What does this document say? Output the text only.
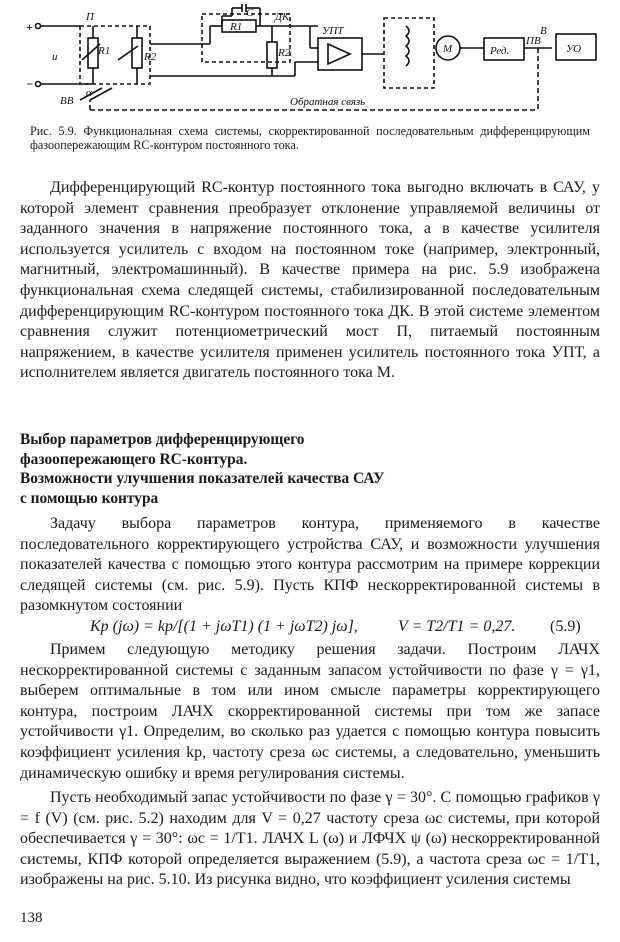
+
−
u
П	C ДК
R1
R1	R2	R2
УПТ
M	Ред.
ПВ
В
УО
ВВ
α
Обратная связь
Рис. 5.9. Функциональная схема системы, скорректированной последовательным дифференцирующим фазоопережающим RC-контуром постоянного тока.

Дифференцирующий RC-контур постоянного тока выгодно включать в САУ, у которой элемент сравнения преобразует отклонение управляемой величины от заданного значения в напряжение постоянного тока, а в качестве усилителя используется усилитель с входом на постоянном токе (например, электронный, магнитный, электромашинный). В качестве примера на рис. 5.9 изображена функциональная схема следящей системы, стабилизированной последовательным дифференцирующим RC-контуром постоянного тока ДК. В этой системе элементом сравнения служит потенциометрический мост П, питаемый постоянным напряжением, в качестве усилителя применен усилитель постоянного тока УПТ, а исполнителем является двигатель постоянного тока М.

Выбор параметров дифференцирующего
фазоопережающего RC-контура.
Возможности улучшения показателей качества САУ
с помощью контура

Задачу выбора параметров контура, применяемого в качестве последовательного корректирующего устройства САУ, и возможности улучшения показателей качества с помощью этого контура рассмотрим на примере коррекции следящей системы (см. рис. 5.9). Пусть КПФ нескорректированной системы в разомкнутом состоянии

Kр (jω) = kр/[(1 + jωT1) (1 + jωT2) jω],	V = T2/T1 = 0,27. (5.9)

Примем следующую методику решения задачи. Построим ЛАЧХ нескорректированной системы с заданным запасом устойчивости по фазе γ = γ1, выберем оптимальные в том или ином смысле параметры корректирующего контура, построим ЛАЧХ скорректированной системы при том же запасе устойчивости γ1. Определим, во сколько раз удается с помощью контура повысить коэффициент усиления kр, частоту среза ωс системы, а следовательно, уменьшить динамическую ошибку и время регулирования системы.

Пусть необходимый запас устойчивости по фазе γ = 30°. С помощью графиков γ = f (V) (см. рис. 5.2) находим для V = 0,27 частоту среза ωс системы, при которой обеспечивается γ = 30°: ωс = 1/T1. ЛАЧХ L (ω) и ЛФЧХ ψ (ω) нескорректированной системы, КПФ которой определяется выражением (5.9), а частота среза ωс = 1/T1, изображены на рис. 5.10. Из рисунка видно, что коэффициент усиления системы

138
